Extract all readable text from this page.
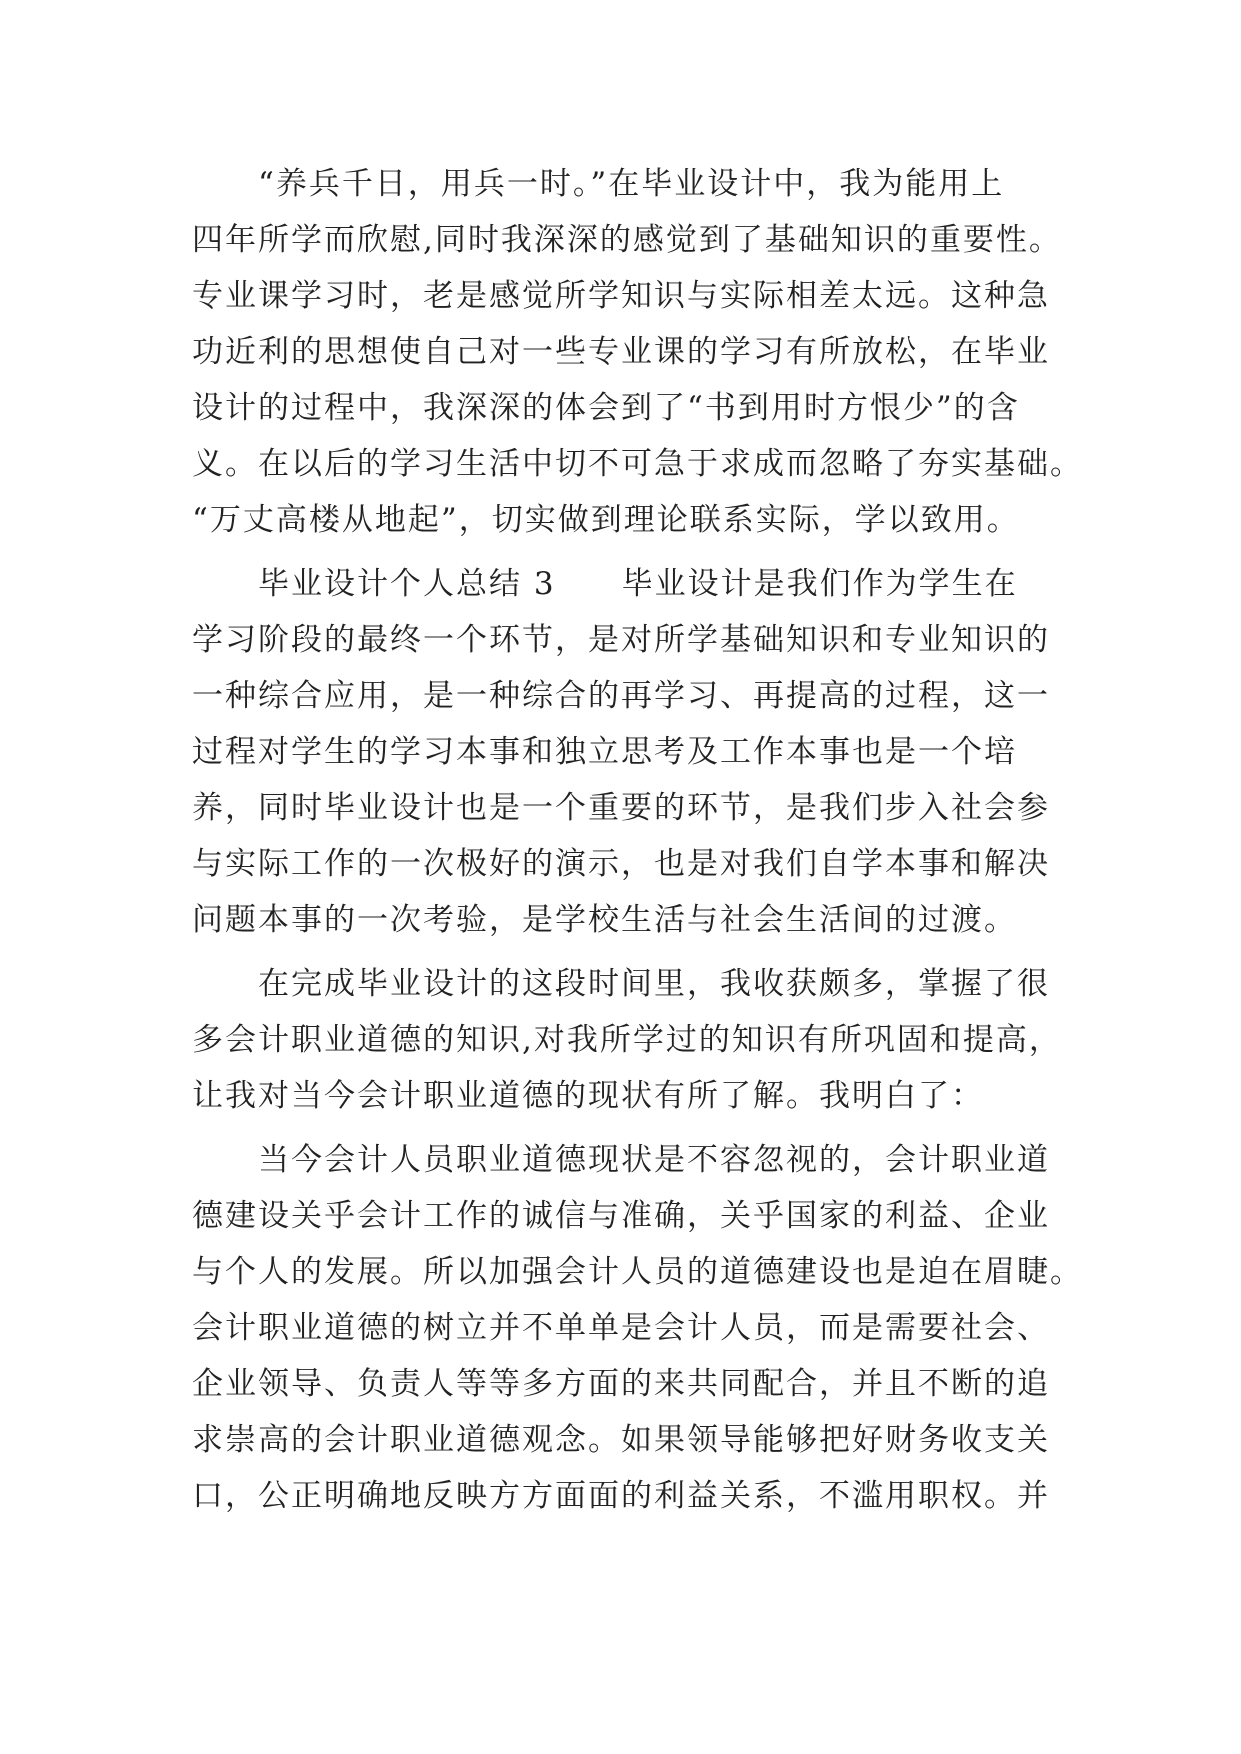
　　“养兵千日，用兵一时。”在毕业设计中，我为能用上
四年所学而欣慰,同时我深深的感觉到了基础知识的重要性。
专业课学习时，老是感觉所学知识与实际相差太远。这种急
功近利的思想使自己对一些专业课的学习有所放松，在毕业
设计的过程中，我深深的体会到了“书到用时方恨少”的含
义。在以后的学习生活中切不可急于求成而忽略了夯实基础。
“万丈高楼从地起”，切实做到理论联系实际，学以致用。
　　毕业设计个人总结 3　　毕业设计是我们作为学生在
学习阶段的最终一个环节，是对所学基础知识和专业知识的
一种综合应用，是一种综合的再学习、再提高的过程，这一
过程对学生的学习本事和独立思考及工作本事也是一个培
养，同时毕业设计也是一个重要的环节，是我们步入社会参
与实际工作的一次极好的演示，也是对我们自学本事和解决
问题本事的一次考验，是学校生活与社会生活间的过渡。
　　在完成毕业设计的这段时间里，我收获颇多，掌握了很
多会计职业道德的知识,对我所学过的知识有所巩固和提高，
让我对当今会计职业道德的现状有所了解。我明白了：
　　当今会计人员职业道德现状是不容忽视的，会计职业道
德建设关乎会计工作的诚信与准确，关乎国家的利益、企业
与个人的发展。所以加强会计人员的道德建设也是迫在眉睫。
会计职业道德的树立并不单单是会计人员，而是需要社会、
企业领导、负责人等等多方面的来共同配合，并且不断的追
求崇高的会计职业道德观念。如果领导能够把好财务收支关
口，公正明确地反映方方面面的利益关系，不滥用职权。并
